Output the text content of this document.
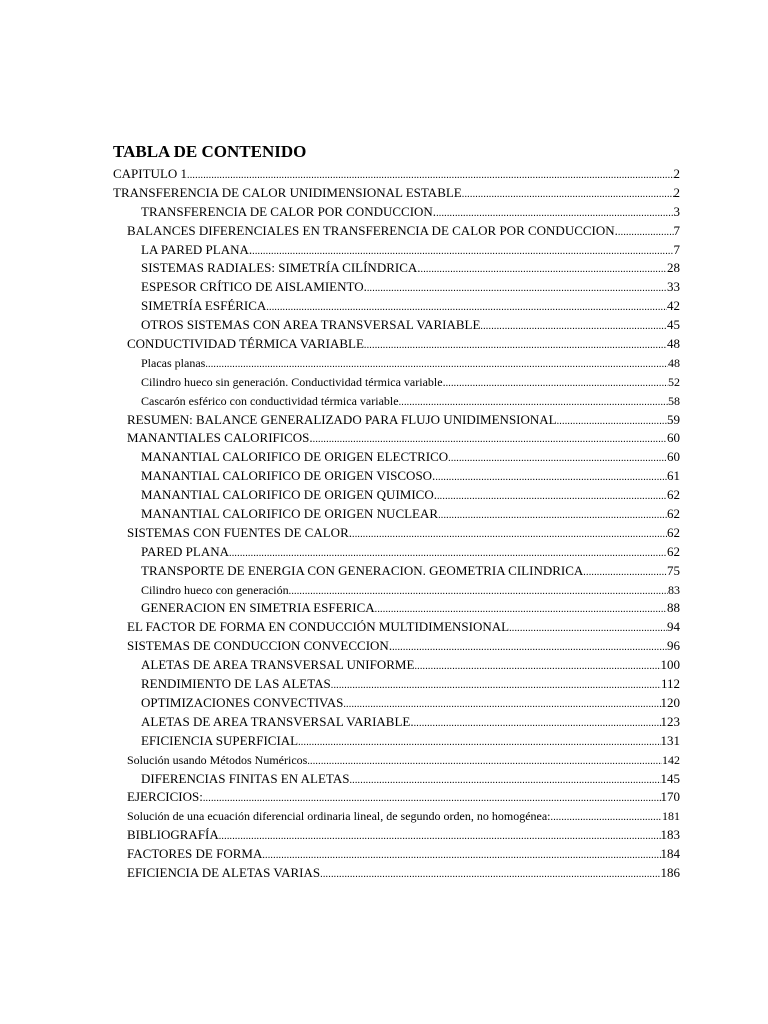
TABLA DE CONTENIDO
CAPITULO 1 .....	2
TRANSFERENCIA DE CALOR UNIDIMENSIONAL ESTABLE .....	2
TRANSFERENCIA DE CALOR POR CONDUCCION. .....	3
BALANCES DIFERENCIALES EN TRANSFERENCIA DE CALOR POR CONDUCCION. .....	7
LA PARED PLANA. .....	7
SISTEMAS RADIALES: SIMETRÍA CILÍNDRICA. .....	28
ESPESOR CRÍTICO DE AISLAMIENTO. .....	33
SIMETRÍA ESFÉRICA .....	42
OTROS SISTEMAS CON AREA TRANSVERSAL VARIABLE .....	45
CONDUCTIVIDAD TÉRMICA VARIABLE .....	48
Placas planas .....	48
Cilindro hueco sin generación. Conductividad térmica variable. .....	52
Cascarón esférico con conductividad térmica variable .....	58
RESUMEN: BALANCE GENERALIZADO PARA FLUJO UNIDIMENSIONAL .....	59
MANANTIALES CALORIFICOS. .....	60
MANANTIAL CALORIFICO DE ORIGEN ELECTRICO .....	60
MANANTIAL CALORIFICO DE ORIGEN VISCOSO. .....	61
MANANTIAL CALORIFICO DE ORIGEN QUIMICO. .....	62
MANANTIAL CALORIFICO DE ORIGEN NUCLEAR .....	62
SISTEMAS CON FUENTES DE CALOR. .....	62
PARED PLANA .....	62
TRANSPORTE DE ENERGIA CON GENERACION. GEOMETRIA CILINDRICA .....	75
Cilindro hueco con generación .....	83
GENERACION EN SIMETRIA ESFERICA .....	88
EL FACTOR DE FORMA EN CONDUCCIÓN MULTIDIMENSIONAL .....	94
SISTEMAS DE CONDUCCION CONVECCION. .....	96
ALETAS DE AREA TRANSVERSAL UNIFORME .....	100
RENDIMIENTO DE LAS ALETAS .....	112
OPTIMIZACIONES CONVECTIVAS .....	120
ALETAS DE AREA TRANSVERSAL VARIABLE. .....	123
EFICIENCIA SUPERFICIAL .....	131
Solución usando Métodos Numéricos .....	142
DIFERENCIAS FINITAS EN ALETAS .....	145
EJERCICIOS: .....	170
Solución de una ecuación diferencial ordinaria lineal, de segundo orden, no homogénea: .....	181
BIBLIOGRAFÍA .....	183
FACTORES DE FORMA .....	184
EFICIENCIA DE ALETAS VARIAS .....	186
